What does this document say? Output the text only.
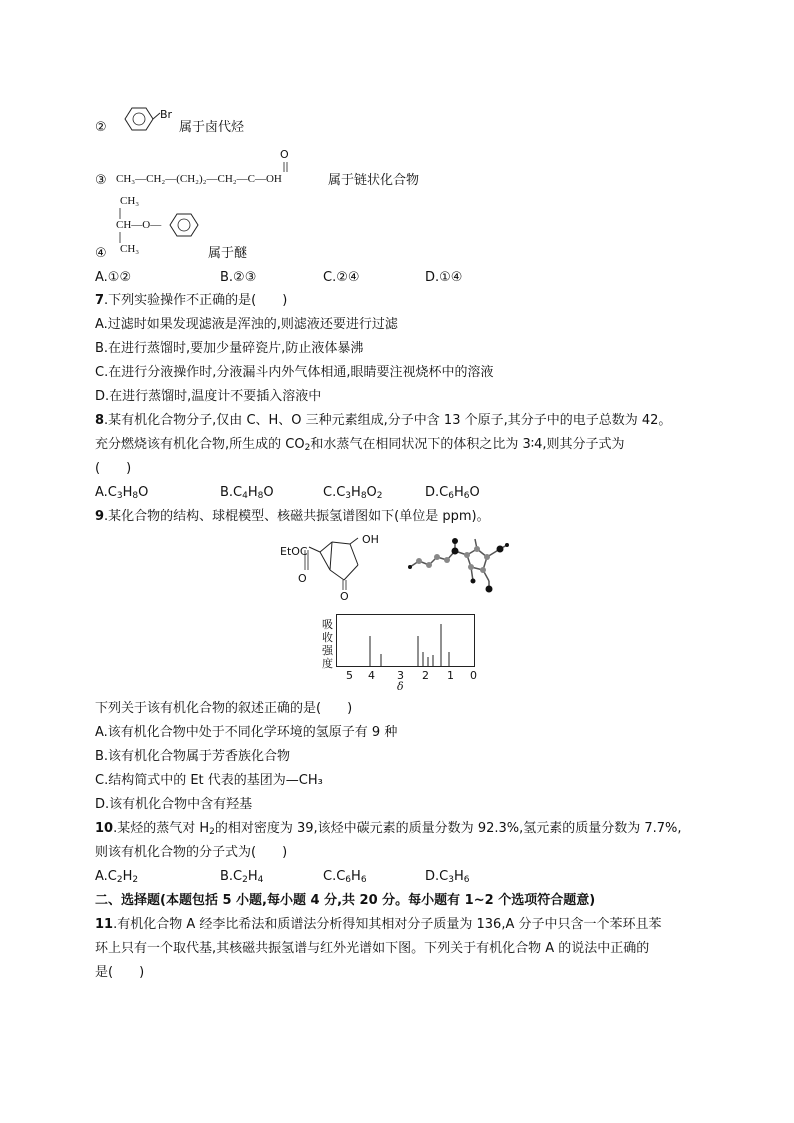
②
Br
属于卤代烃
O
③ CH₃—CH₂—(CH₂)₂—CH₂—C—OH	属于链状化合物
CH₃
CH—O—
CH₃
④	属于醚
A.①②	B.②③	C.②④	D.①④
7.下列实验操作不正确的是(　　)
A.过滤时如果发现滤液是浑浊的,则滤液还要进行过滤
B.在进行蒸馏时,要加少量碎瓷片,防止液体暴沸
C.在进行分液操作时,分液漏斗内外气体相通,眼睛要注视烧杯中的溶液
D.在进行蒸馏时,温度计不要插入溶液中
8.某有机化合物分子,仅由 C、H、O 三种元素组成,分子中含 13 个原子,其分子中的电子总数为 42。
充分燃烧该有机化合物,所生成的 $CO_2$和水蒸气在相同状况下的体积之比为 3∶4,则其分子式为
(　　)
$A.C_3H_8O$	$B.C_4H_8O$	$C.C_3H_8O_2$	$D.C_6H_6O$
9.某化合物的结构、球棍模型、核磁共振氢谱图如下(单位是 ppm)。
EtOC
O
OH
O
吸
收
强
度
5 4 3 2 1 0
δ
下列关于该有机化合物的叙述正确的是(　　)
A.该有机化合物中处于不同化学环境的氢原子有 9 种
B.该有机化合物属于芳香族化合物
C.结构简式中的 Et 代表的基团为—CH₃
D.该有机化合物中含有羟基
10.某烃的蒸气对 $H_2$的相对密度为 39,该烃中碳元素的质量分数为 92.3%,氢元素的质量分数为 7.7%,
则该有机化合物的分子式为(　　)
$A.C_2H_2$	$B.C_2H_4$	$C.C_6H_6$	$D.C_3H_6$
二、选择题(本题包括 5 小题,每小题 4 分,共 20 分。每小题有 1~2 个选项符合题意)
11.有机化合物 A 经李比希法和质谱法分析得知其相对分子质量为 136,A 分子中只含一个苯环且苯
环上只有一个取代基,其核磁共振氢谱与红外光谱如下图。下列关于有机化合物 A 的说法中正确的
是(　　)
